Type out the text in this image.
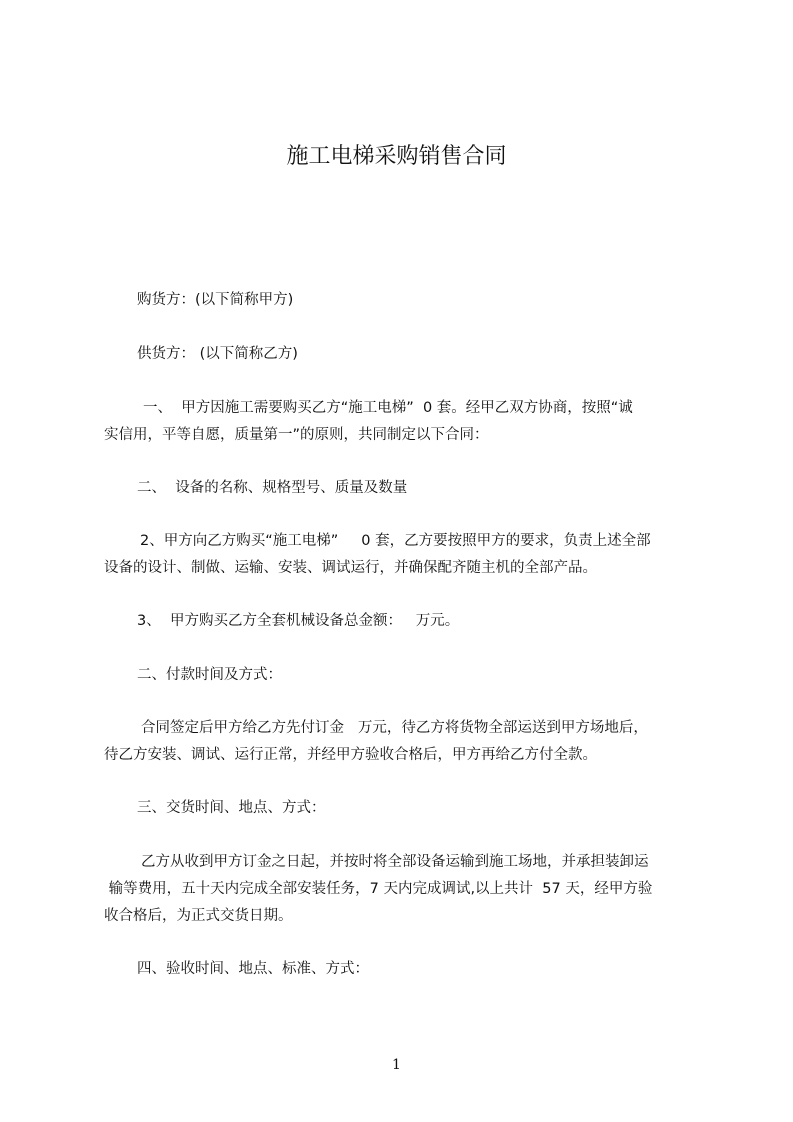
施工电梯采购销售合同

购货方：(以下简称甲方)

供货方： (以下简称乙方)

一、  甲方因施工需要购买乙方“施工电梯”  0 套。经甲乙双方协商，按照“诚

实信用，平等自愿，质量第一”的原则，共同制定以下合同：

二、  设备的名称、规格型号、质量及数量

2、甲方向乙方购买“施工电梯”     0 套，乙方要按照甲方的要求，负责上述全部

设备的设计、制做、运输、安装、调试运行，并确保配齐随主机的全部产品。

3、  甲方购买乙方全套机械设备总金额：   万元。

二、付款时间及方式：

合同签定后甲方给乙方先付订金   万元，待乙方将货物全部运送到甲方场地后，

待乙方安装、调试、运行正常，并经甲方验收合格后，甲方再给乙方付全款。

三、交货时间、地点、方式：

乙方从收到甲方订金之日起，并按时将全部设备运输到施工场地，并承担装卸运

输等费用，五十天内完成全部安装任务，7 天内完成调试,以上共计  57 天，经甲方验

收合格后，为正式交货日期。

四、验收时间、地点、标准、方式：

1
